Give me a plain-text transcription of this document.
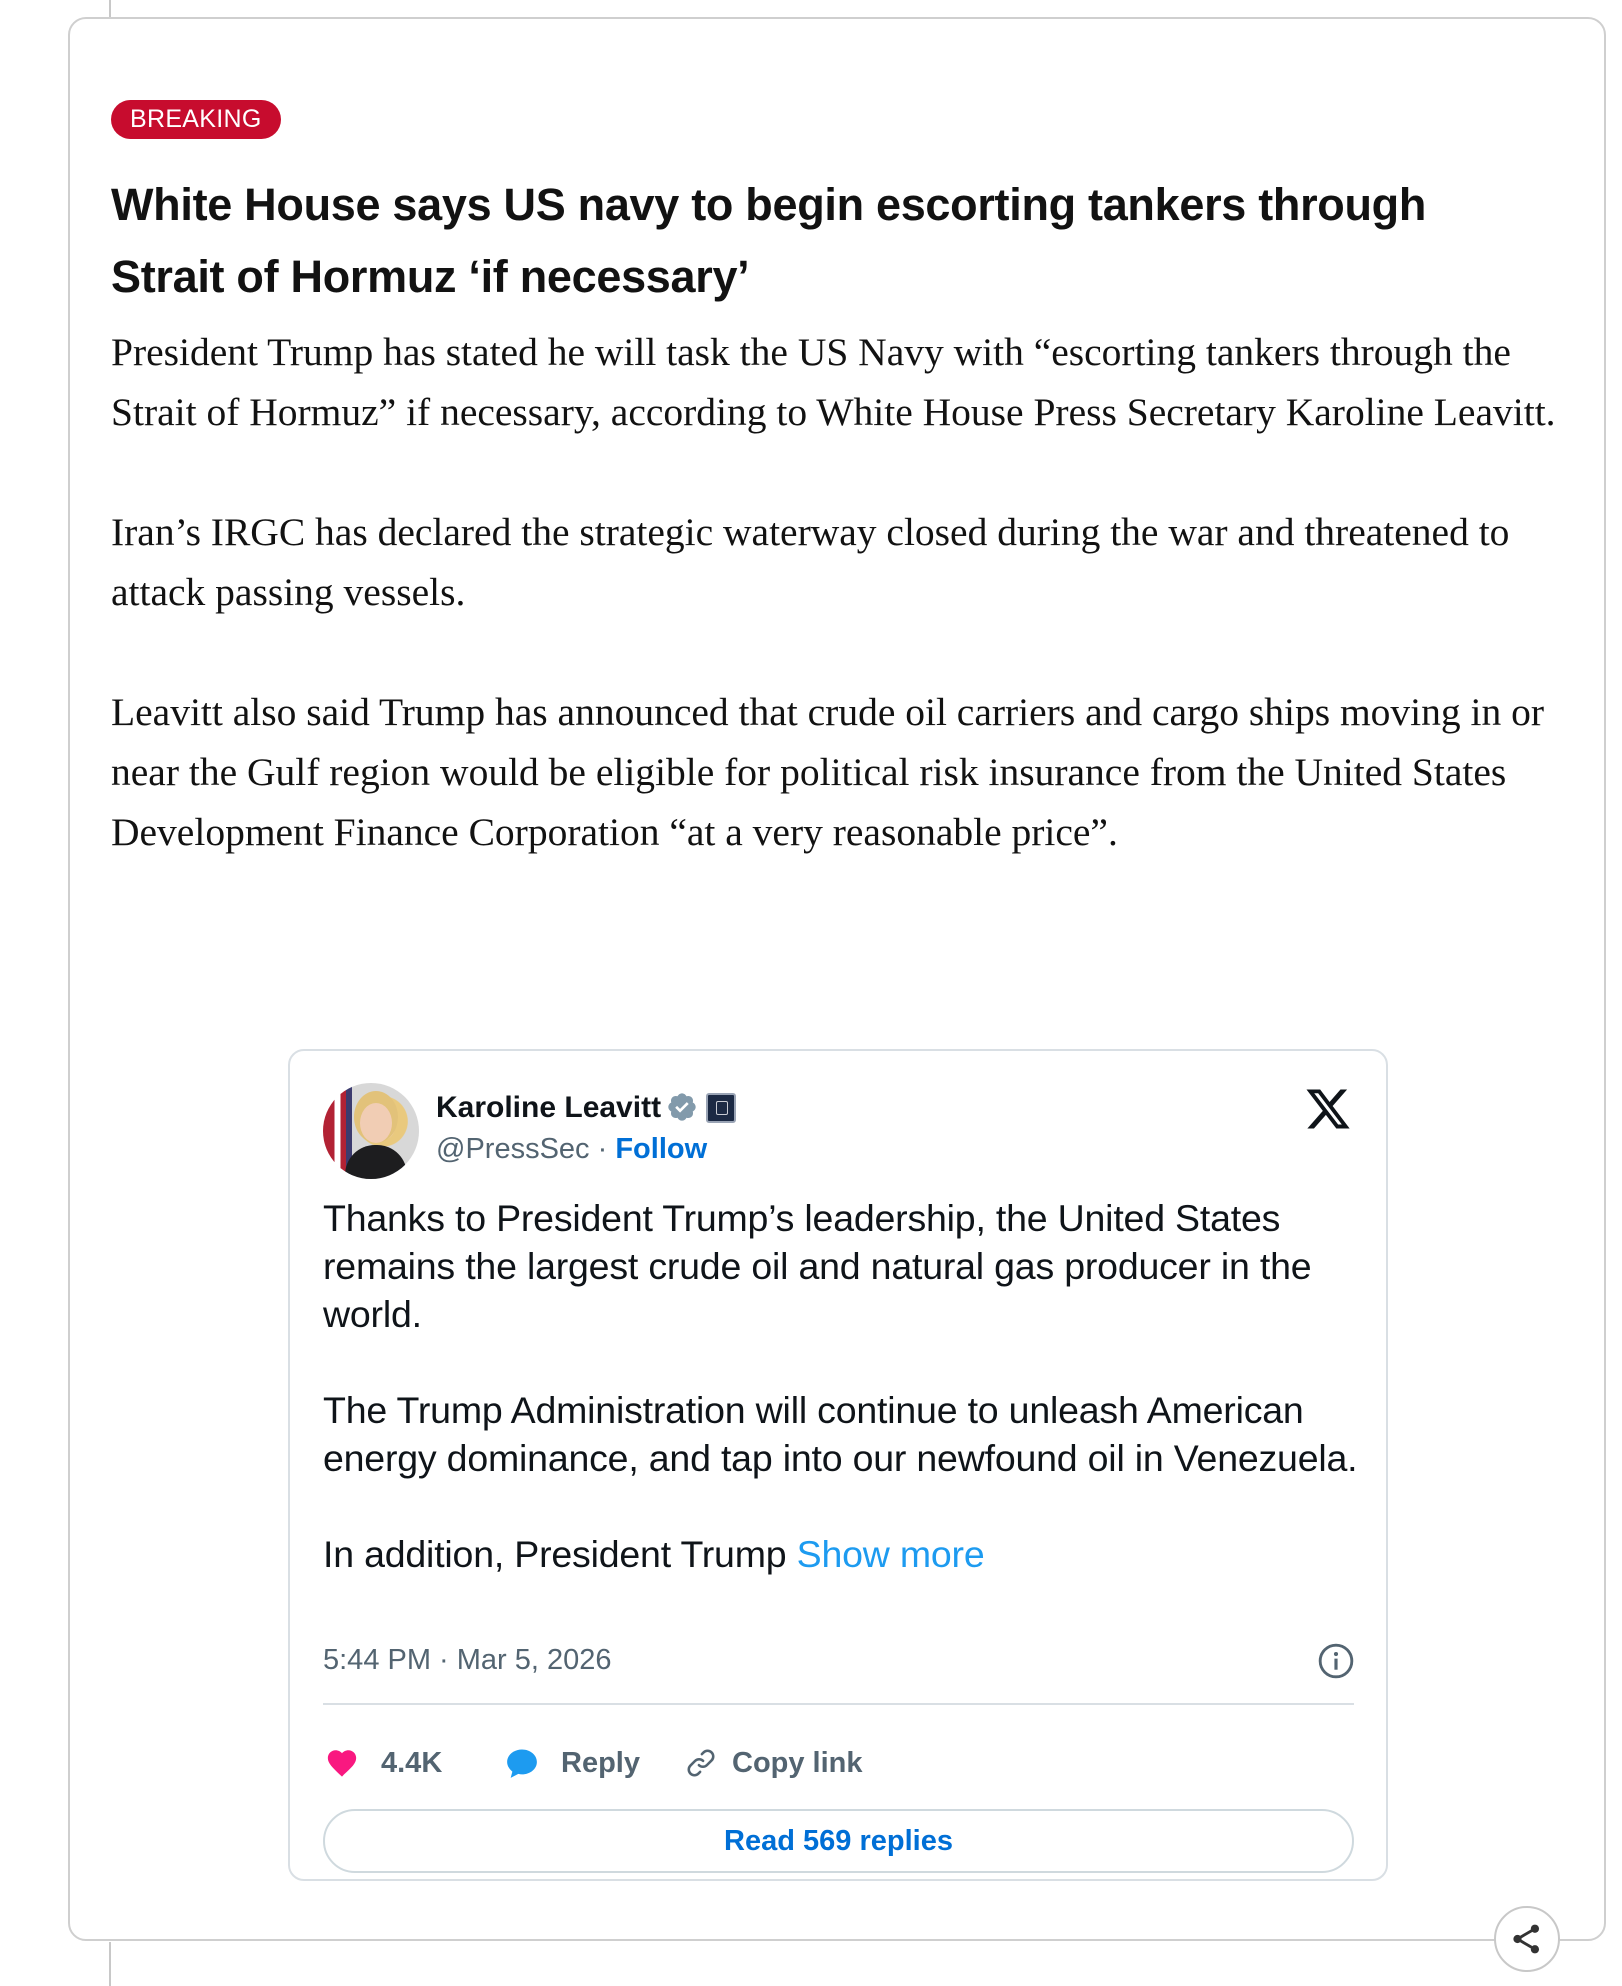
BREAKING
White House says US navy to begin escorting tankers through Strait of Hormuz ‘if necessary’

President Trump has stated he will task the US Navy with “escorting tankers through the Strait of Hormuz” if necessary, according to White House Press Secretary Karoline Leavitt.

Iran’s IRGC has declared the strategic waterway closed during the war and threatened to attack passing vessels.

Leavitt also said Trump has announced that crude oil carriers and cargo ships moving in or near the Gulf region would be eligible for political risk insurance from the United States Development Finance Corporation “at a very reasonable price”.

Karoline Leavitt
@PressSec · Follow

Thanks to President Trump’s leadership, the United States remains the largest crude oil and natural gas producer in the world.

The Trump Administration will continue to unleash American energy dominance, and tap into our newfound oil in Venezuela.

In addition, President Trump Show more

5:44 PM · Mar 5, 2026
4.4K	Reply	Copy link
Read 569 replies
